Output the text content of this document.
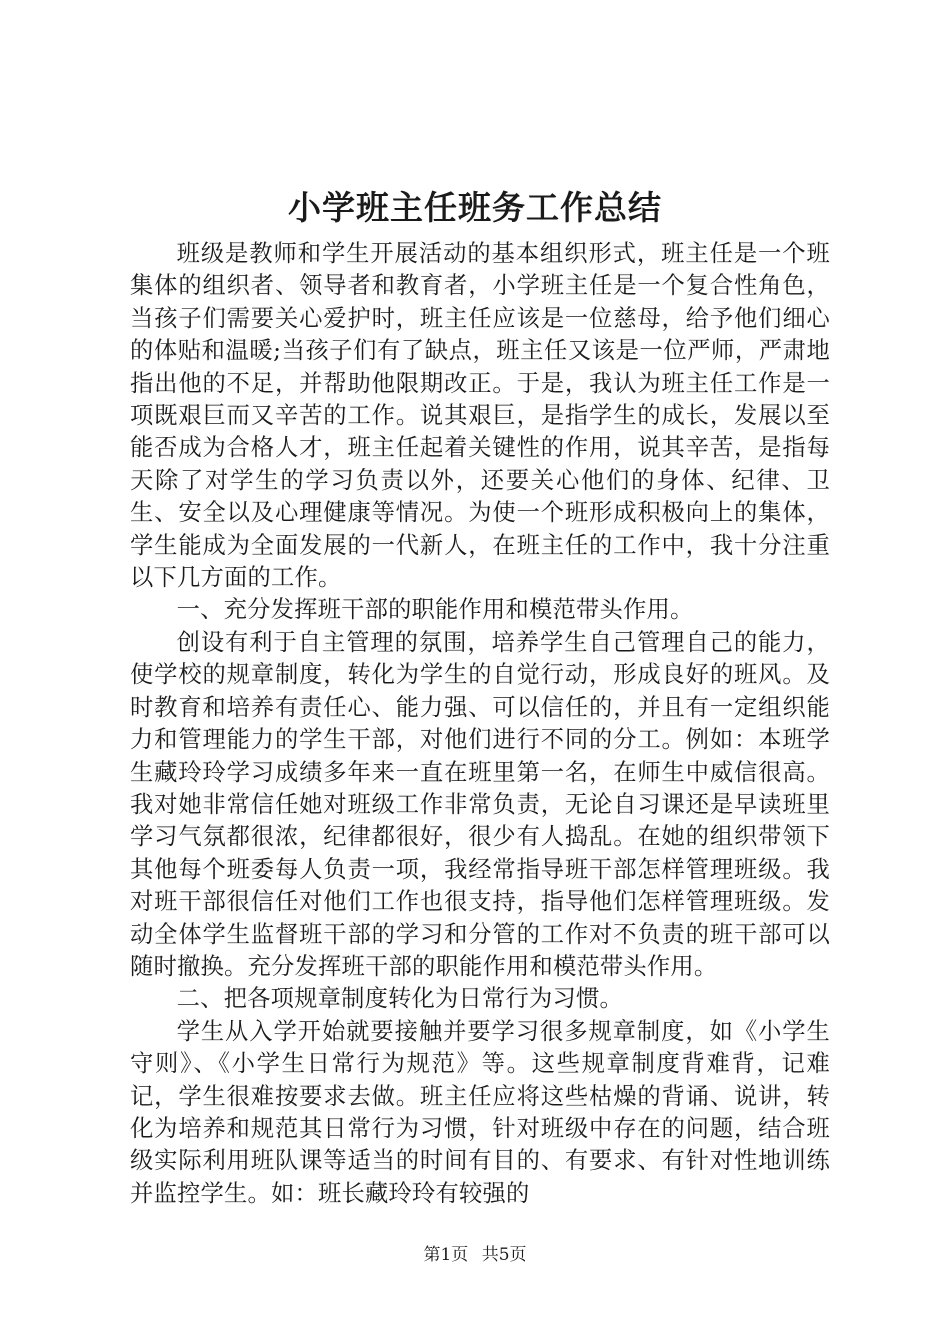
小学班主任班务工作总结

班级是教师和学生开展活动的基本组织形式，班主任是一个班集体的组织者、领导者和教育者，小学班主任是一个复合性角色，当孩子们需要关心爱护时，班主任应该是一位慈母，给予他们细心的体贴和温暖;当孩子们有了缺点，班主任又该是一位严师，严肃地指出他的不足，并帮助他限期改正。于是，我认为班主任工作是一项既艰巨而又辛苦的工作。说其艰巨，是指学生的成长，发展以至能否成为合格人才，班主任起着关键性的作用，说其辛苦，是指每天除了对学生的学习负责以外，还要关心他们的身体、纪律、卫生、安全以及心理健康等情况。为使一个班形成积极向上的集体，学生能成为全面发展的一代新人，在班主任的工作中，我十分注重以下几方面的工作。

一、充分发挥班干部的职能作用和模范带头作用。

创设有利于自主管理的氛围，培养学生自己管理自己的能力，使学校的规章制度，转化为学生的自觉行动，形成良好的班风。及时教育和培养有责任心、能力强、可以信任的，并且有一定组织能力和管理能力的学生干部，对他们进行不同的分工。例如：本班学生藏玲玲学习成绩多年来一直在班里第一名，在师生中威信很高。我对她非常信任她对班级工作非常负责，无论自习课还是早读班里学习气氛都很浓，纪律都很好，很少有人捣乱。在她的组织带领下其他每个班委每人负责一项，我经常指导班干部怎样管理班级。我对班干部很信任对他们工作也很支持，指导他们怎样管理班级。发动全体学生监督班干部的学习和分管的工作对不负责的班干部可以随时撤换。充分发挥班干部的职能作用和模范带头作用。

二、把各项规章制度转化为日常行为习惯。

学生从入学开始就要接触并要学习很多规章制度，如《小学生守则》、《小学生日常行为规范》等。这些规章制度背难背，记难记，学生很难按要求去做。班主任应将这些枯燥的背诵、说讲，转化为培养和规范其日常行为习惯，针对班级中存在的问题，结合班级实际利用班队课等适当的时间有目的、有要求、有针对性地训练并监控学生。如：班长藏玲玲有较强的

第1页 共5页
